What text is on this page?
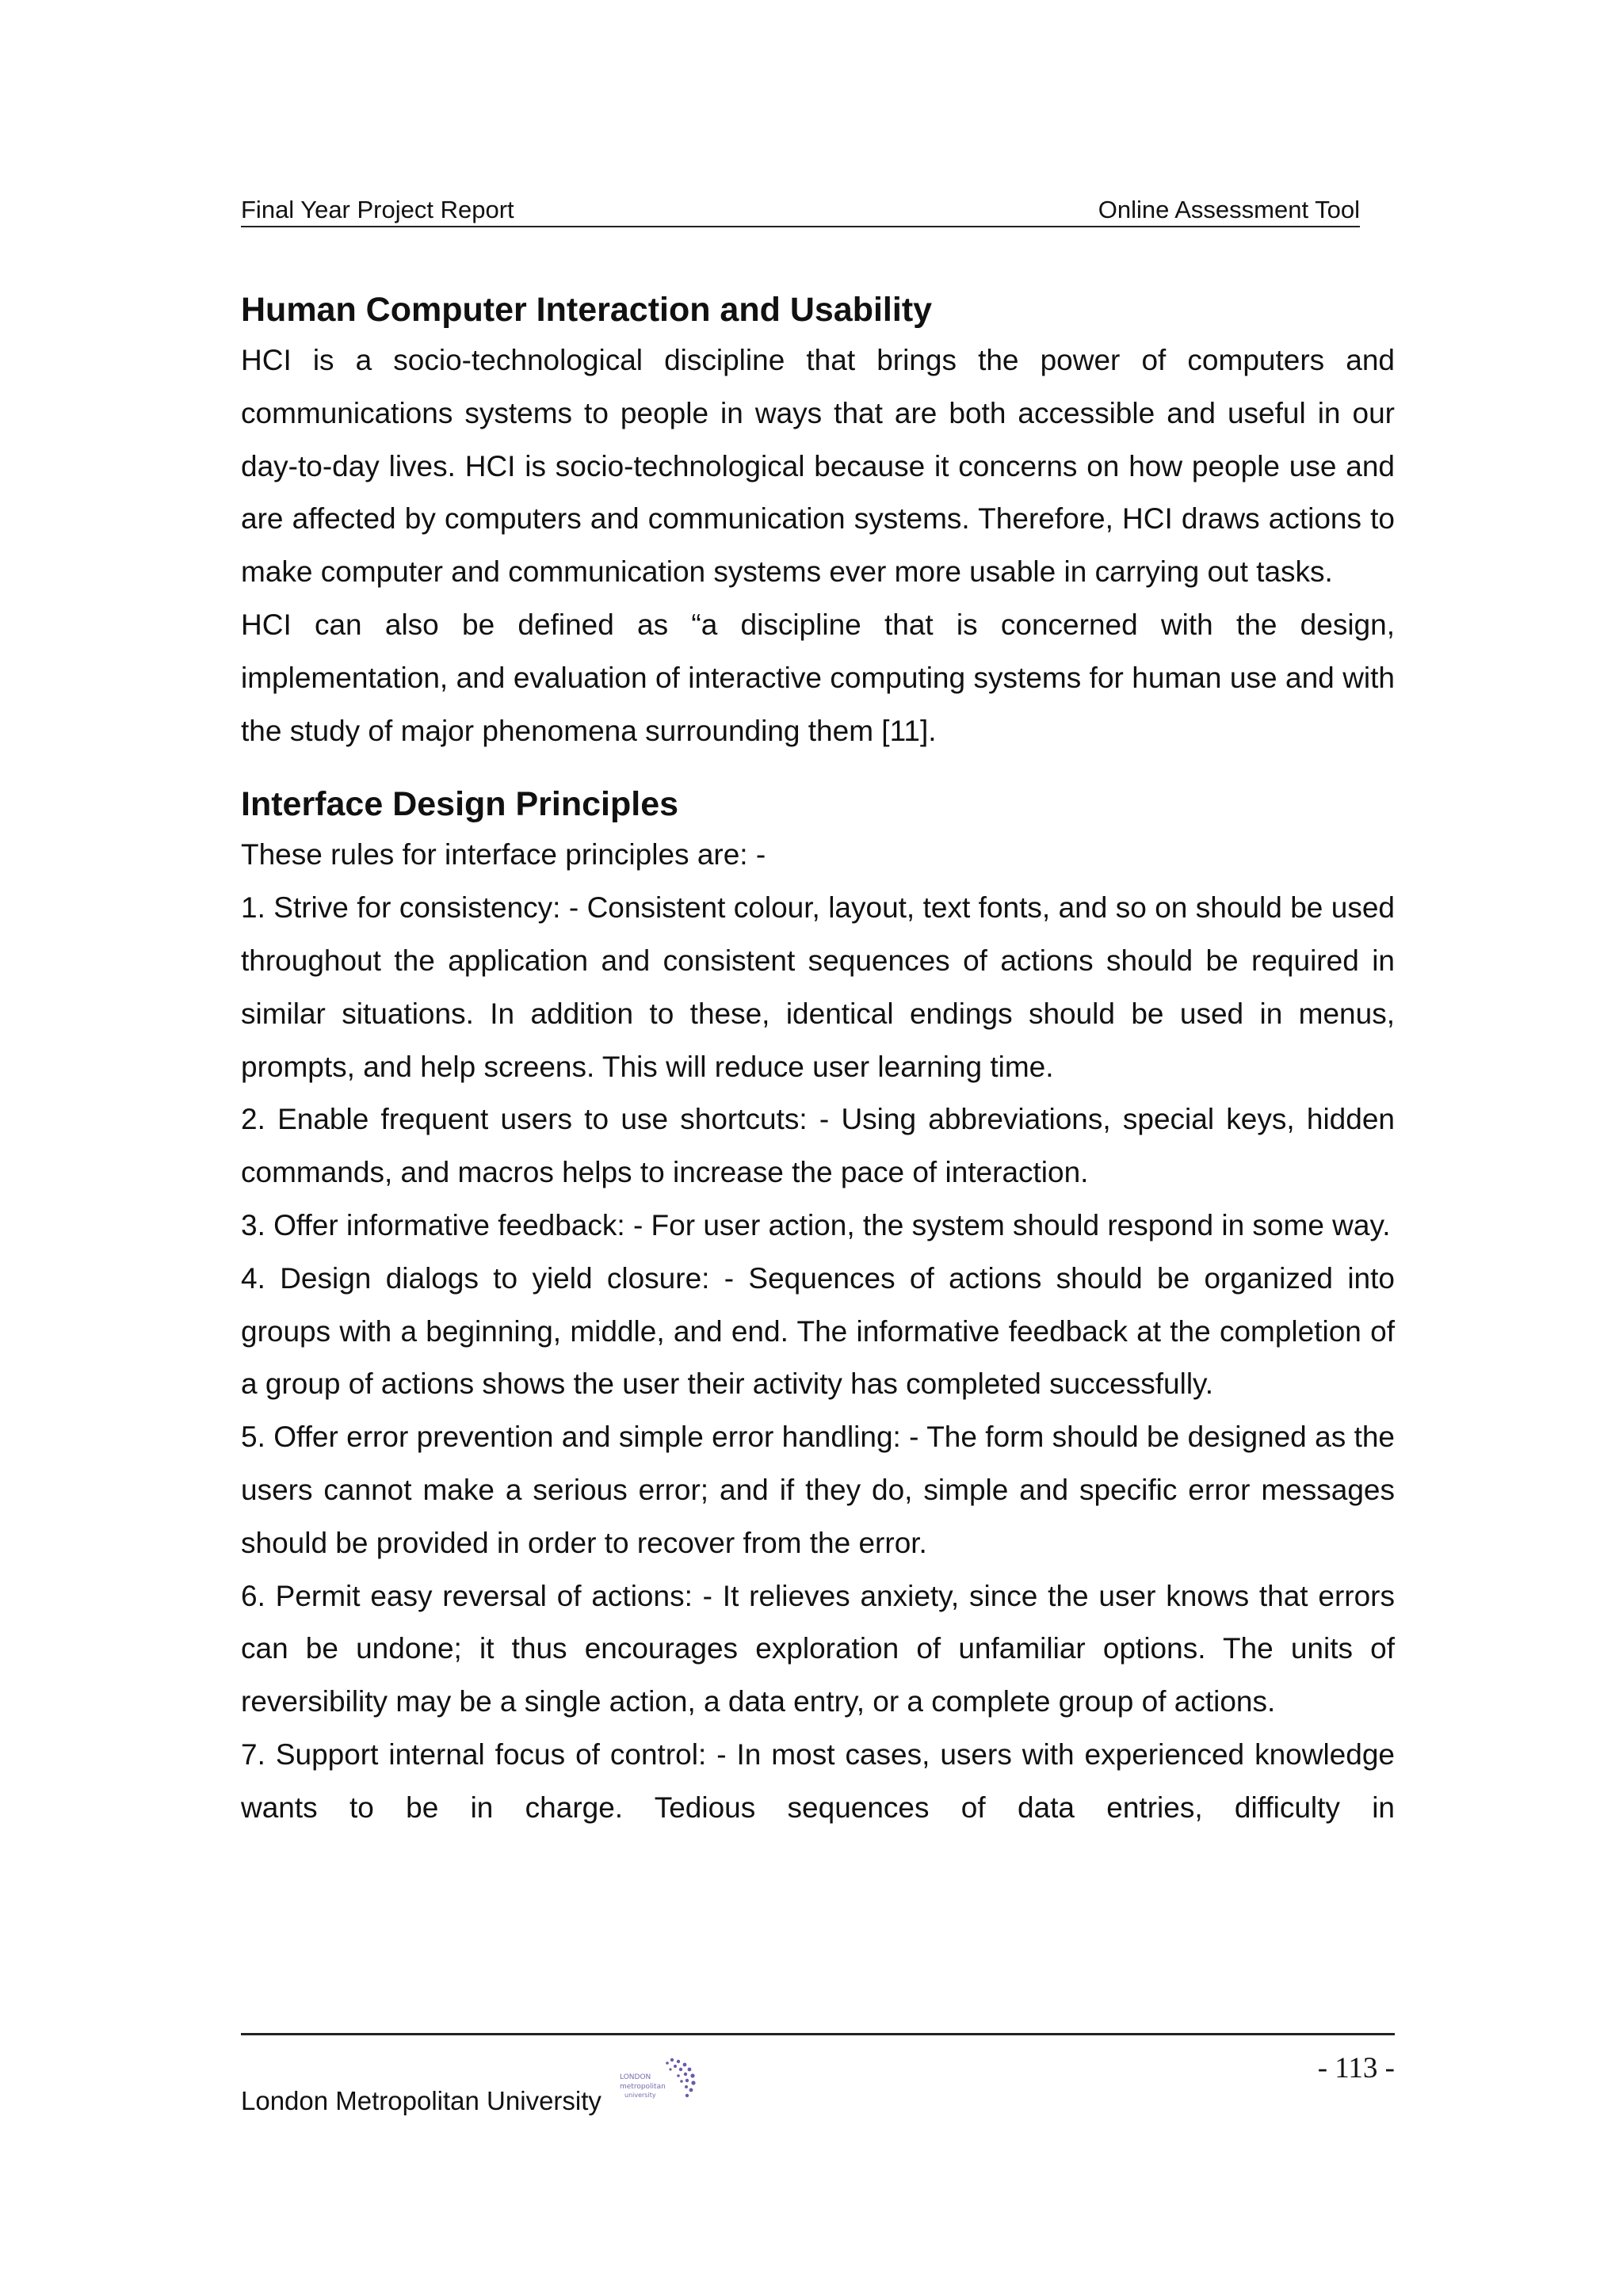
Final Year Project Report	Online Assessment Tool
Human Computer Interaction and Usability

HCI is a socio-technological discipline that brings the power of computers and communications systems to people in ways that are both accessible and useful in our day-to-day lives. HCI is socio-technological because it concerns on how people use and are affected by computers and communication systems. Therefore, HCI draws actions to make computer and communication systems ever more usable in carrying out tasks.

HCI can also be defined as “a discipline that is concerned with the design, implementation, and evaluation of interactive computing systems for human use and with the study of major phenomena surrounding them [11].

Interface Design Principles

These rules for interface principles are: -

1. Strive for consistency: - Consistent colour, layout, text fonts, and so on should be used throughout the application and consistent sequences of actions should be required in similar situations. In addition to these, identical endings should be used in menus, prompts, and help screens. This will reduce user learning time.

2. Enable frequent users to use shortcuts: - Using abbreviations, special keys, hidden commands, and macros helps to increase the pace of interaction.

3. Offer informative feedback: - For user action, the system should respond in some way.

4. Design dialogs to yield closure: - Sequences of actions should be organized into groups with a beginning, middle, and end. The informative feedback at the completion of a group of actions shows the user their activity has completed successfully.

5. Offer error prevention and simple error handling: - The form should be designed as the users cannot make a serious error; and if they do, simple and specific error messages should be provided in order to recover from the error.

6. Permit easy reversal of actions: - It relieves anxiety, since the user knows that errors can be undone; it thus encourages exploration of unfamiliar options. The units of reversibility may be a single action, a data entry, or a complete group of actions.

7. Support internal focus of control: - In most cases, users with experienced knowledge wants to be in charge. Tedious sequences of data entries, difficulty in

London Metropolitan University
LONDON
metropolitan
university
- 113 -
